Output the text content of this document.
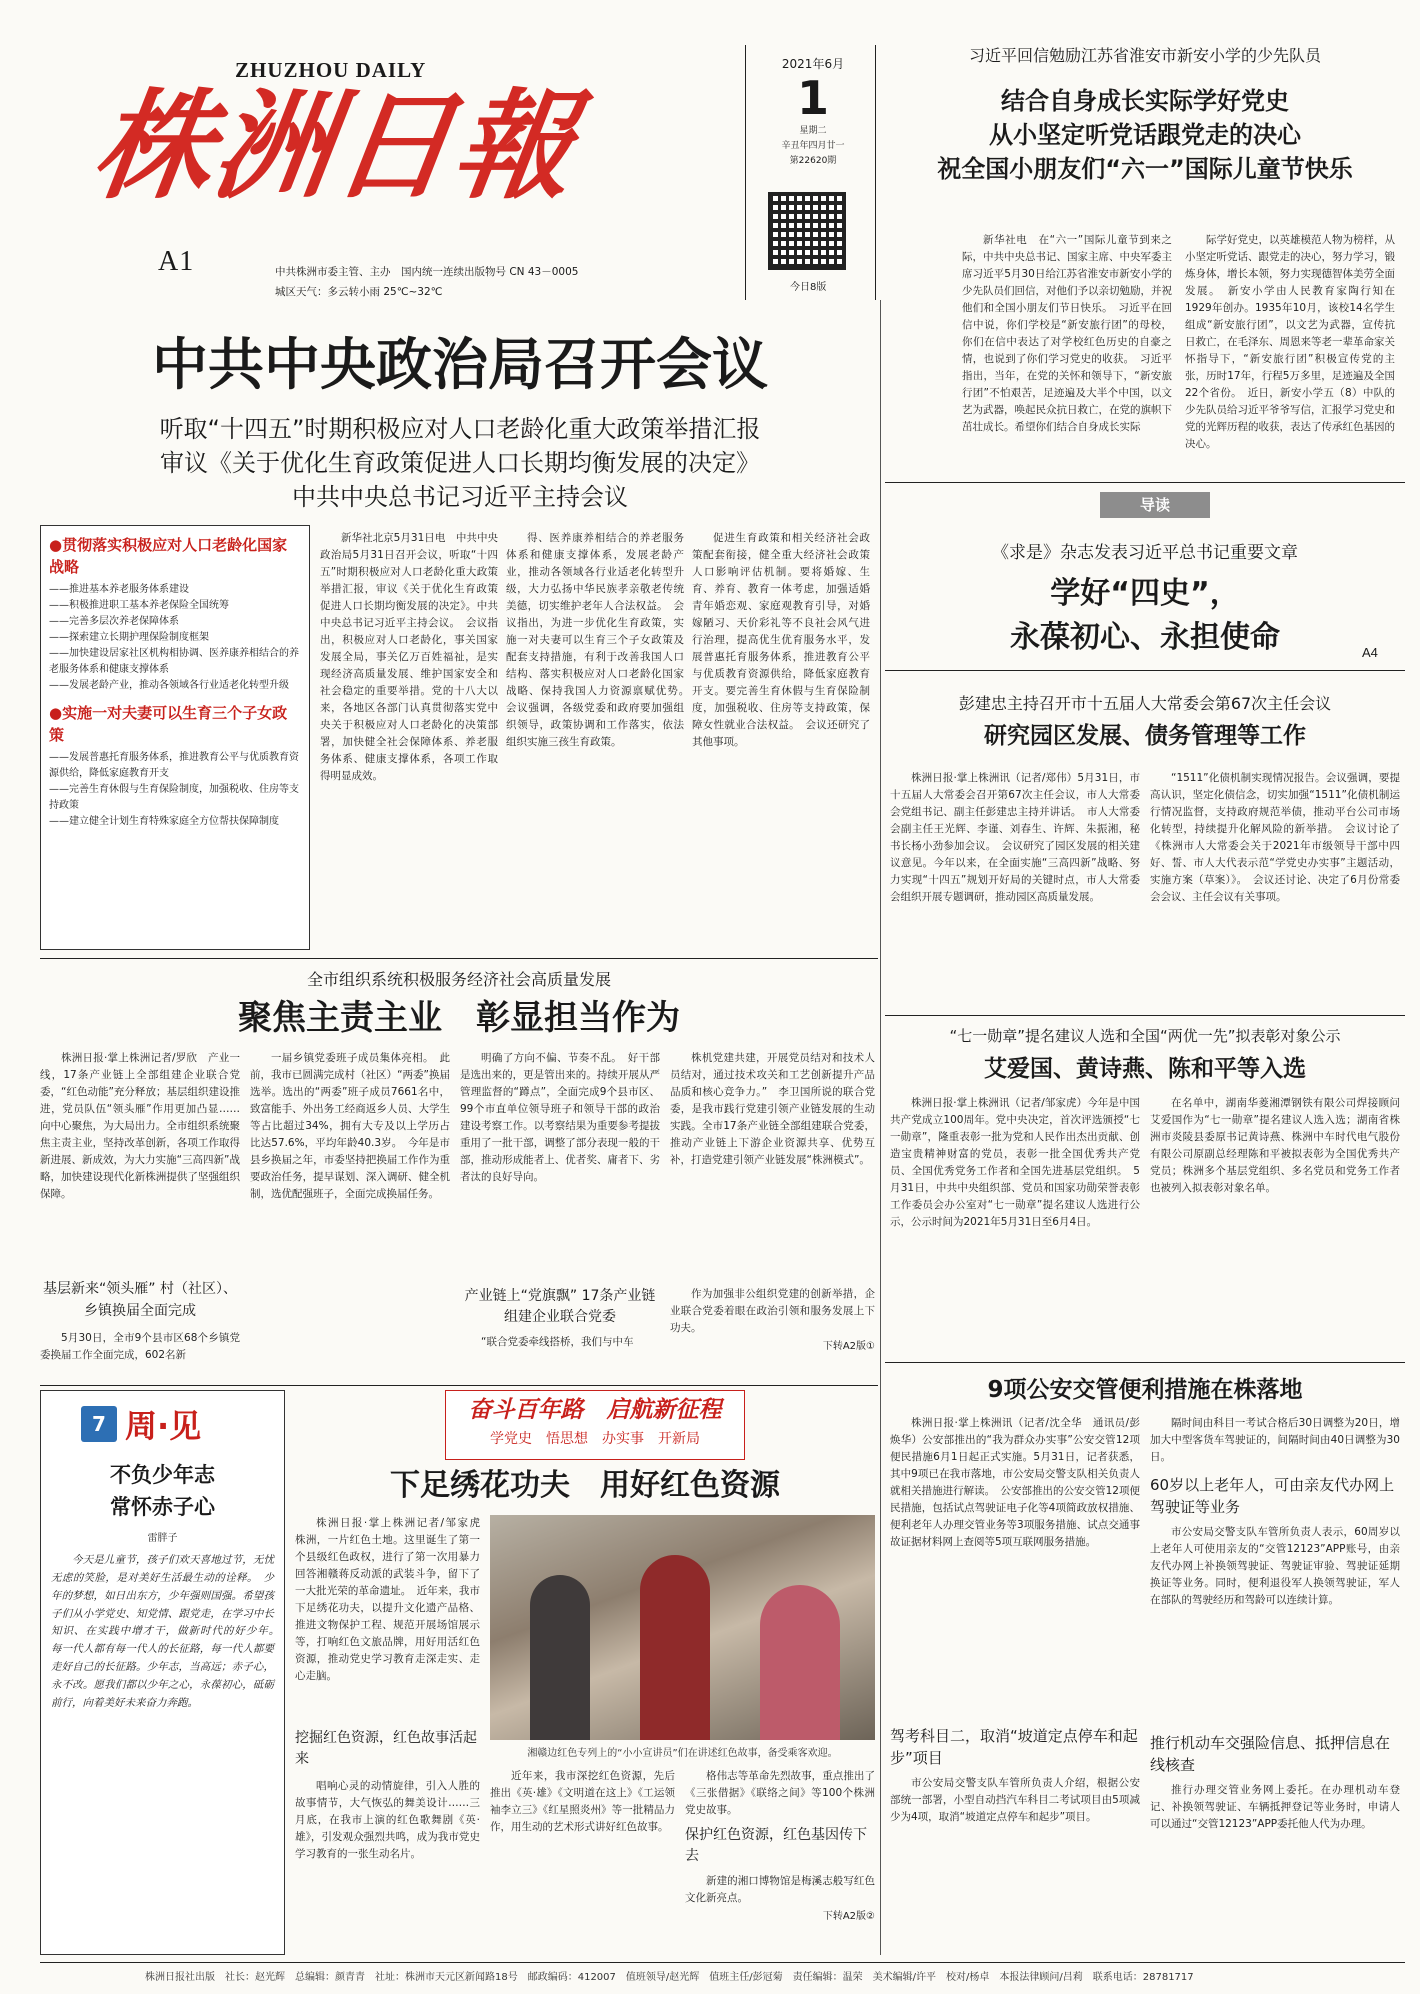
株洲日報
ZHUZHOU DAILY
A1	中共株洲市委主管、主办　国内统一连续出版物号 CN 43－0005
城区天气：多云转小雨 25℃~32℃
2021年6月
1
星期二
辛丑年四月廿一
第22620期
今日8版
习近平回信勉励江苏省淮安市新安小学的少先队员
结合自身成长实际学好党史
从小坚定听党话跟党走的决心
祝全国小朋友们“六一”国际儿童节快乐
新华社电　在“六一”国际儿童节到来之际，中共中央总书记、国家主席、中央军委主席习近平5月30日给江苏省淮安市新安小学的少先队员们回信，对他们予以亲切勉励，并祝他们和全国小朋友们节日快乐。　习近平在回信中说，你们学校是“新安旅行团”的母校，你们在信中表达了对学校红色历史的自豪之情，也说到了你们学习党史的收获。　习近平指出，当年，在党的关怀和领导下，“新安旅行团”不怕艰苦，足迹遍及大半个中国，以文艺为武器，唤起民众抗日救亡，在党的旗帜下茁壮成长。希望你们结合自身成长实际
际学好党史，以英雄模范人物为榜样，从小坚定听党话、跟党走的决心，努力学习，锻炼身体，增长本领，努力实现德智体美劳全面发展。　新安小学由人民教育家陶行知在1929年创办。1935年10月，该校14名学生组成“新安旅行团”，以文艺为武器，宣传抗日救亡，在毛泽东、周恩来等老一辈革命家关怀指导下，“新安旅行团”积极宣传党的主张，历时17年，行程5万多里，足迹遍及全国22个省份。　近日，新安小学五（8）中队的少先队员给习近平爷爷写信，汇报学习党史和党的光辉历程的收获，表达了传承红色基因的决心。
导读
《求是》杂志发表习近平总书记重要文章
学好“四史”，
永葆初心、永担使命	A4
中共中央政治局召开会议
听取“十四五”时期积极应对人口老龄化重大政策举措汇报
审议《关于优化生育政策促进人口长期均衡发展的决定》
中共中央总书记习近平主持会议
●贯彻落实积极应对人口老龄化国家战略
——推进基本养老服务体系建设
——积极推进职工基本养老保险全国统筹
——完善多层次养老保障体系
——探索建立长期护理保险制度框架
——加快建设居家社区机构相协调、医养康养相结合的养老服务体系和健康支撑体系
——发展老龄产业，推动各领域各行业适老化转型升级
●实施一对夫妻可以生育三个子女政策
——发展普惠托育服务体系，推进教育公平与优质教育资源供给，降低家庭教育开支
——完善生育休假与生育保险制度，加强税收、住房等支持政策
——建立健全计划生育特殊家庭全方位帮扶保障制度
新华社北京5月31日电　中共中央政治局5月31日召开会议，听取“十四五”时期积极应对人口老龄化重大政策举措汇报，审议《关于优化生育政策促进人口长期均衡发展的决定》。中共中央总书记习近平主持会议。　会议指出，积极应对人口老龄化，事关国家发展全局，事关亿万百姓福祉，是实现经济高质量发展、维护国家安全和社会稳定的重要举措。党的十八大以来，各地区各部门认真贯彻落实党中央关于积极应对人口老龄化的决策部署，加快健全社会保障体系、养老服务体系、健康支撑体系，各项工作取得明显成效。
得、医养康养相结合的养老服务体系和健康支撑体系，发展老龄产业，推动各领域各行业适老化转型升级，大力弘扬中华民族孝亲敬老传统美德，切实维护老年人合法权益。　会议指出，为进一步优化生育政策，实施一对夫妻可以生育三个子女政策及配套支持措施，有利于改善我国人口结构、落实积极应对人口老龄化国家战略、保持我国人力资源禀赋优势。　会议强调，各级党委和政府要加强组织领导，政策协调和工作落实，依法组织实施三孩生育政策。
促进生育政策和相关经济社会政策配套衔接，健全重大经济社会政策人口影响评估机制。要将婚嫁、生育、养育、教育一体考虑，加强适婚青年婚恋观、家庭观教育引导，对婚嫁陋习、天价彩礼等不良社会风气进行治理，提高优生优育服务水平，发展普惠托育服务体系，推进教育公平与优质教育资源供给，降低家庭教育开支。要完善生育休假与生育保险制度，加强税收、住房等支持政策，保障女性就业合法权益。　会议还研究了其他事项。
彭建忠主持召开市十五届人大常委会第67次主任会议
研究园区发展、债务管理等工作
株洲日报·掌上株洲讯（记者/郑伟）5月31日，市十五届人大常委会召开第67次主任会议，市人大常委会党组书记、副主任彭建忠主持并讲话。　市人大常委会副主任王光辉、李谨、刘春生、许辉、朱振湘，秘书长杨小劲参加会议。　会议研究了园区发展的相关建议意见。今年以来，在全面实施“三高四新”战略、努力实现“十四五”规划开好局的关键时点，市人大常委会组织开展专题调研，推动园区高质量发展。
“1511”化债机制实现情况报告。会议强调，要提高认识，坚定化债信念，切实加强“1511”化债机制运行情况监督，支持政府规范举债，推动平台公司市场化转型，持续提升化解风险的新举措。　会议讨论了《株洲市人大常委会关于2021年市级领导干部中四好、誓、市人大代表示范“学党史办实事”主题活动，实施方案（草案）》。　会议还讨论、决定了6月份常委会会议、主任会议有关事项。
“七一勋章”提名建议人选和全国“两优一先”拟表彰对象公示
艾爱国、黄诗燕、陈和平等入选
株洲日报·掌上株洲讯（记者/邹家虎）今年是中国共产党成立100周年。党中央决定，首次评选颁授“七一勋章”，隆重表彰一批为党和人民作出杰出贡献、创造宝贵精神财富的党员，表彰一批全国优秀共产党员、全国优秀党务工作者和全国先进基层党组织。　5月31日，中共中央组织部、党员和国家功勋荣誉表彰工作委员会办公室对“七一勋章”提名建议人选进行公示，公示时间为2021年5月31日至6月4日。
在名单中，湖南华菱湘潭钢铁有限公司焊接顾问艾爱国作为“七一勋章”提名建议人选入选；湖南省株洲市炎陵县委原书记黄诗燕、株洲中车时代电气股份有限公司原副总经理陈和平被拟表彰为全国优秀共产党员；株洲多个基层党组织、多名党员和党务工作者也被列入拟表彰对象名单。
9项公安交管便利措施在株落地
株洲日报·掌上株洲讯（记者/沈全华　通讯员/彭焕华）公安部推出的“我为群众办实事”公安交管12项便民措施6月1日起正式实施。5月31日，记者获悉，其中9项已在我市落地，市公安局交警支队相关负责人就相关措施进行解读。　公安部推出的公安交管12项便民措施，包括试点驾驶证电子化等4项简政放权措施、便利老年人办理交管业务等3项服务措施、试点交通事故证据材料网上查阅等5项互联网服务措施。
驾考科目二，取消“坡道定点停车和起步”项目
市公安局交警支队车管所负责人介绍，根据公安部统一部署，小型自动挡汽车科目二考试项目由5项减少为4项，取消“坡道定点停车和起步”项目。
隔时间由科目一考试合格后30日调整为20日，增加大中型客货车驾驶证的，间隔时间由40日调整为30日。
60岁以上老年人，可由亲友代办网上驾驶证等业务
市公安局交警支队车管所负责人表示，60周岁以上老年人可使用亲友的“交管12123”APP账号，由亲友代办网上补换领驾驶证、驾驶证审验、驾驶证延期换证等业务。同时，便利退役军人换领驾驶证，军人在部队的驾驶经历和驾龄可以连续计算。
推行机动车交强险信息、抵押信息在线核查
推行办理交管业务网上委托。在办理机动车登记、补换领驾驶证、车辆抵押登记等业务时，申请人可以通过“交管12123”APP委托他人代为办理。
全市组织系统积极服务经济社会高质量发展
聚焦主责主业　彰显担当作为
株洲日报·掌上株洲记者/罗欣　产业一线，17条产业链上全部组建企业联合党委，“红色动能”充分释放；基层组织建设推进，党员队伍“领头雁”作用更加凸显……　向中心聚焦，为大局出力。全市组织系统聚焦主责主业，坚持改革创新，各项工作取得新进展、新成效，为大力实施“三高四新”战略，加快建设现代化新株洲提供了坚强组织保障。
基层新来“领头雁” 村（社区）、乡镇换届全面完成
5月30日，全市9个县市区68个乡镇党委换届工作全面完成，602名新
一届乡镇党委班子成员集体亮相。　此前，我市已圆满完成村（社区）“两委”换届选举。选出的“两委”班子成员7661名中，致富能手、外出务工经商返乡人员、大学生等占比超过34%，拥有大专及以上学历占比达57.6%，平均年龄40.3岁。　今年是市县乡换届之年，市委坚持把换届工作作为重要政治任务，提早谋划、深入调研、健全机制，选优配强班子，全面完成换届任务。
明确了方向不偏、节奏不乱。　好干部是选出来的，更是管出来的。持续开展从严管理监督的“蹲点”，全面完成9个县市区、99个市直单位领导班子和领导干部的政治建设考察工作。以考察结果为重要参考提拔重用了一批干部，调整了部分表现一般的干部，推动形成能者上、优者奖、庸者下、劣者汰的良好导向。
产业链上“党旗飘” 17条产业链组建企业联合党委
“联合党委牵线搭桥，我们与中车
株机党建共建，开展党员结对和技术人员结对，通过技术攻关和工艺创新提升产品品质和核心竞争力。”　李卫国所说的联合党委，是我市践行党建引领产业链发展的生动实践。全市17条产业链全部组建联合党委，推动产业链上下游企业资源共享、优势互补，打造党建引领产业链发展“株洲模式”。
作为加强非公组织党建的创新举措，企业联合党委着眼在政治引领和服务发展上下功夫。
下转A2版①
7 周·见
不负少年志
常怀赤子心
雷胖子
今天是儿童节，孩子们欢天喜地过节，无忧无虑的笑脸，是对美好生活最生动的诠释。　少年的梦想，如日出东方，少年强则国强。希望孩子们从小学党史、知党情、跟党走，在学习中长知识、在实践中增才干，做新时代的好少年。　每一代人都有每一代人的长征路，每一代人都要走好自己的长征路。少年志，当高远；赤子心，永不改。愿我们都以少年之心，永葆初心，砥砺前行，向着美好未来奋力奔跑。
奋斗百年路　启航新征程
学党史　悟思想　办实事　开新局
下足绣花功夫　用好红色资源
株洲日报·掌上株洲记者/邹家虎　株洲，一片红色土地。这里诞生了第一个县级红色政权，进行了第一次用暴力回答湘赣蒋反动派的武装斗争，留下了一大批光荣的革命遗址。　近年来，我市下足绣花功夫，以提升文化遗产品格、推进文物保护工程、规范开展场馆展示等，打响红色文旅品牌，用好用活红色资源，推动党史学习教育走深走实、走心走脑。
挖掘红色资源，红色故事活起来
唱响心灵的动情旋律，引入人胜的故事情节，大气恢弘的舞美设计……三月底，在我市上演的红色歌舞剧《英·雄》，引发观众强烈共鸣，成为我市党史学习教育的一张生动名片。
湘赣边红色专列上的“小小宣讲员”们在讲述红色故事，备受乘客欢迎。
近年来，我市深挖红色资源，先后推出《英·雄》《文明道在这上》《工运领袖李立三》《红星照炎州》等一批精品力作，用生动的艺术形式讲好红色故事。
格伟志等革命先烈故事，重点推出了《三张借据》《联络之间》等100个株洲党史故事。
保护红色资源，红色基因传下去
新建的湘口博物馆是梅溪志般写红色文化新亮点。
下转A2版②
株洲日报社出版　社长：赵光辉　总编辑：颜青青　社址：株洲市天元区新闻路18号　邮政编码：412007　值班领导/赵光辉　值班主任/彭冠菊　责任编辑：温荣　美术编辑/许平　校对/杨卓　本报法律顾问/吕莉　联系电话：28781717
